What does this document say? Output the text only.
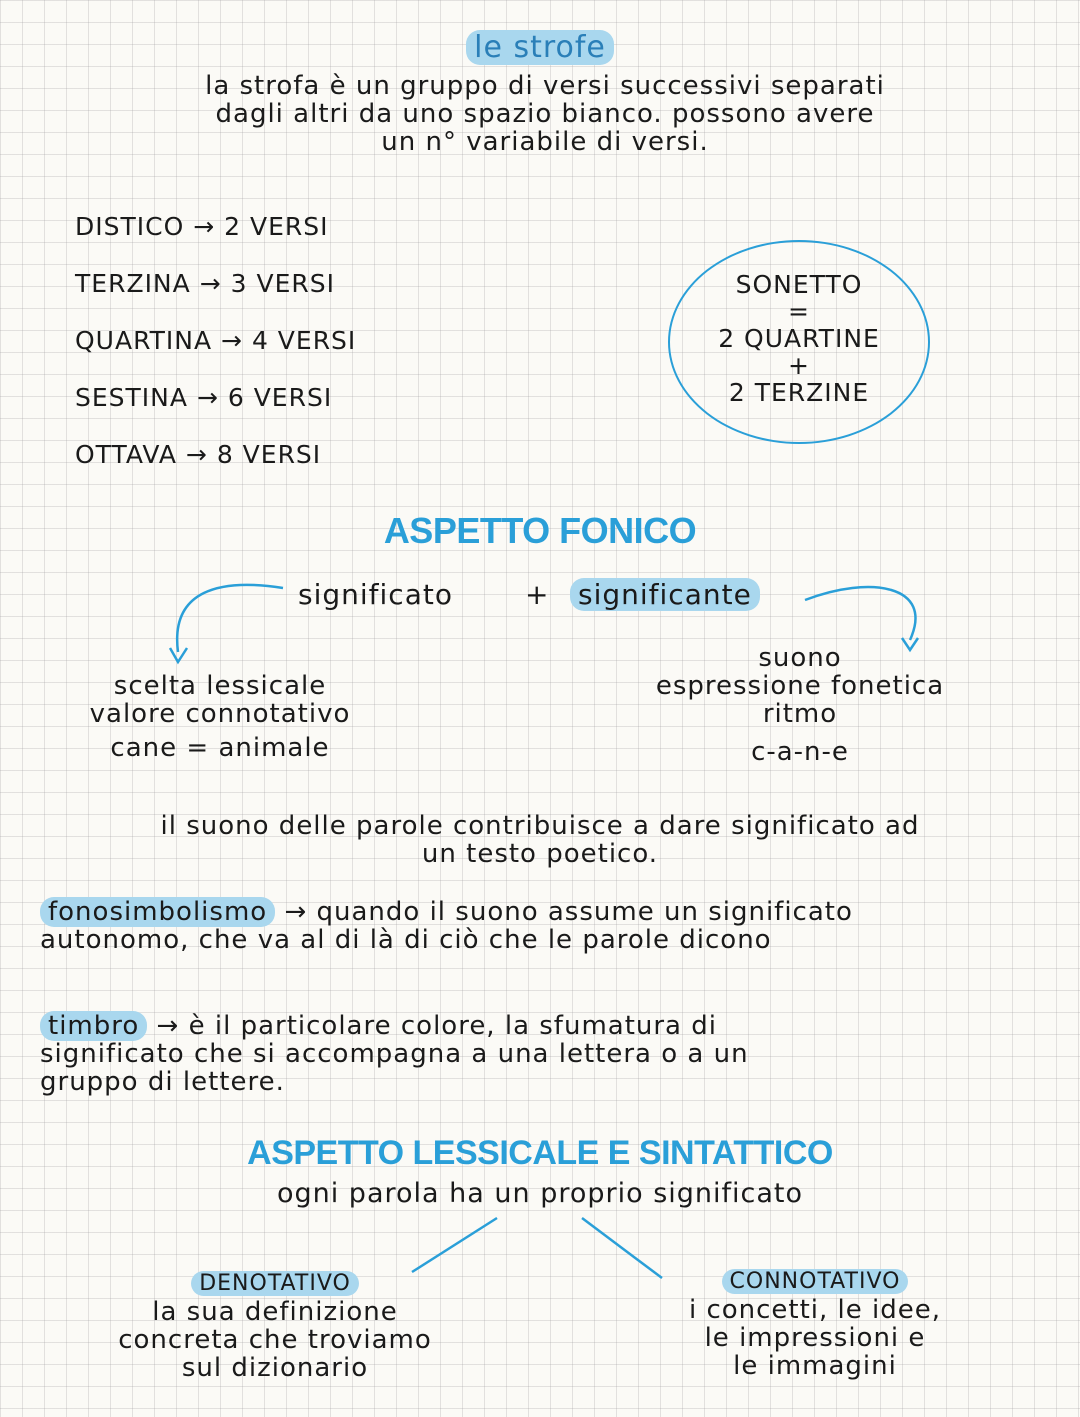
le strofe
la strofa è un gruppo di versi successivi separati
dagli altri da uno spazio bianco. possono avere
un n° variabile di versi.
DISTICO → 2 VERSI
TERZINA → 3 VERSI
QUARTINA → 4 VERSI
SESTINA → 6 VERSI
OTTAVA → 8 VERSI
SONETTO
=
2 QUARTINE
+
2 TERZINE
ASPETTO FONICO
significato	+ significante
scelta lessicale
valore connotativo
cane = animale
suono
espressione fonetica
ritmo
c-a-n-e
il suono delle parole contribuisce a dare significato ad
un testo poetico.
fonosimbolismo → quando il suono assume un significato
autonomo, che va al di là di ciò che le parole dicono
timbro → è il particolare colore, la sfumatura di
significato che si accompagna a una lettera o a un
gruppo di lettere.
ASPETTO LESSICALE E SINTATTICO
ogni parola ha un proprio significato
DENOTATIVO
la sua definizione
concreta che troviamo
sul dizionario
CONNOTATIVO
i concetti, le idee,
le impressioni e
le immagini
